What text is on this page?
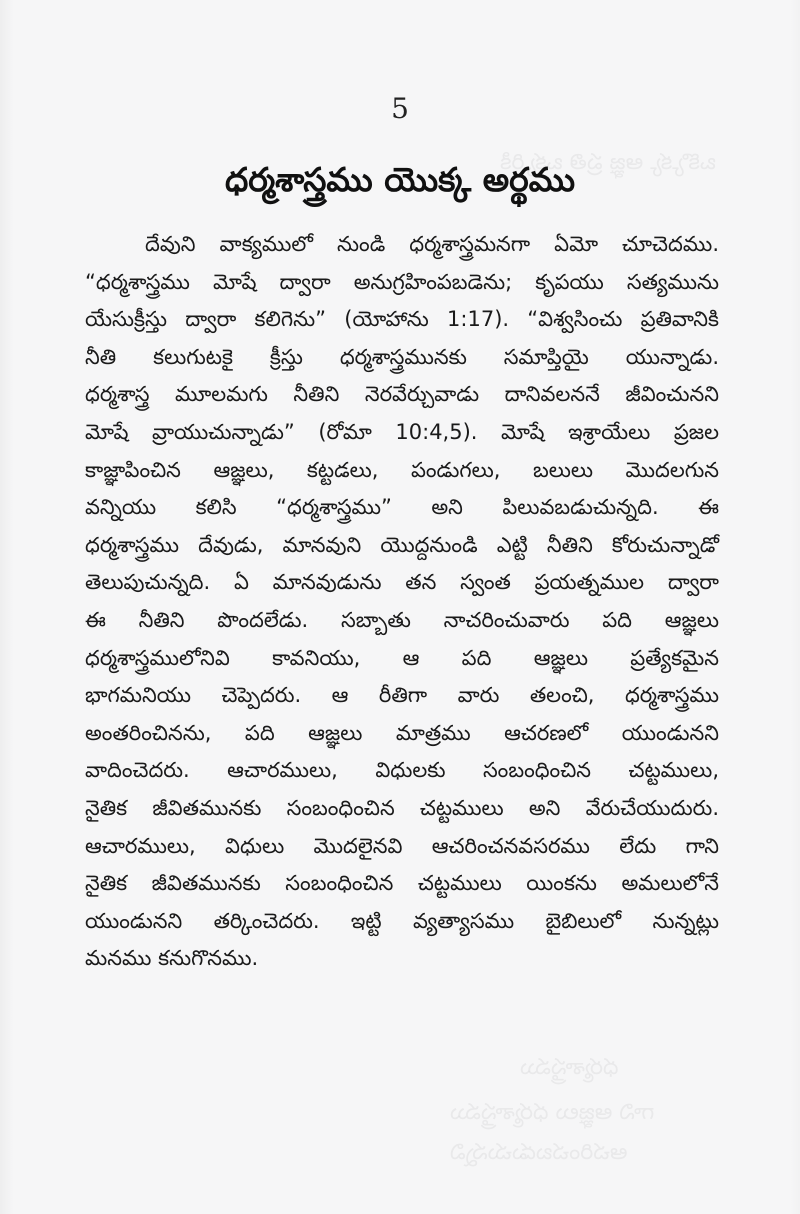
ఒక్కొక్క ఆజ్ఞ ప్రతి ఒక్కరికి
ధర్మశాస్త్రము
గాని ఆజ్ఞలు ధర్మశాస్త్రము
ఆచరించబడుచున్నవి
5
ధర్మశాస్త్రము యొక్క అర్థము
దేవుని వాక్యములో నుండి ధర్మశాస్త్రమనగా ఏమో చూచెదము.
“ధర్మశాస్త్రము మోషే ద్వారా అనుగ్రహింపబడెను; కృపయు సత్యమును
యేసుక్రీస్తు ద్వారా కలిగెను” (యోహాను 1:17). “విశ్వసించు ప్రతివానికి
నీతి కలుగుటకై క్రీస్తు ధర్మశాస్త్రమునకు సమాప్తియై యున్నాడు.
ధర్మశాస్త్ర మూలమగు నీతిని నెరవేర్చువాడు దానివలననే జీవించునని
మోషే వ్రాయుచున్నాడు” (రోమా 10:4,5). మోషే ఇశ్రాయేలు ప్రజల
కాజ్ఞాపించిన ఆజ్ఞలు, కట్టడలు, పండుగలు, బలులు మొదలగున
వన్నియు కలిసి “ధర్మశాస్త్రము” అని పిలువబడుచున్నది. ఈ
ధర్మశాస్త్రము దేవుడు, మానవుని యొద్దనుండి ఎట్టి నీతిని కోరుచున్నాడో
తెలుపుచున్నది. ఏ మానవుడును తన స్వంత ప్రయత్నముల ద్వారా
ఈ నీతిని పొందలేడు. సబ్బాతు నాచరించువారు పది ఆజ్ఞలు
ధర్మశాస్త్రములోనివి కావనియు, ఆ పది ఆజ్ఞలు ప్రత్యేకమైన
భాగమనియు చెప్పెదరు. ఆ రీతిగా వారు తలంచి, ధర్మశాస్త్రము
అంతరించినను, పది ఆజ్ఞలు మాత్రము ఆచరణలో యుండునని
వాదించెదరు. ఆచారములు, విధులకు సంబంధించిన చట్టములు,
నైతిక జీవితమునకు సంబంధించిన చట్టములు అని వేరుచేయుదురు.
ఆచారములు, విధులు మొదలైనవి ఆచరించనవసరము లేదు గాని
నైతిక జీవితమునకు సంబంధించిన చట్టములు యింకను అమలులోనే
యుండునని తర్కించెదరు. ఇట్టి వ్యత్యాసము బైబిలులో నున్నట్లు
మనము కనుగొనము.
